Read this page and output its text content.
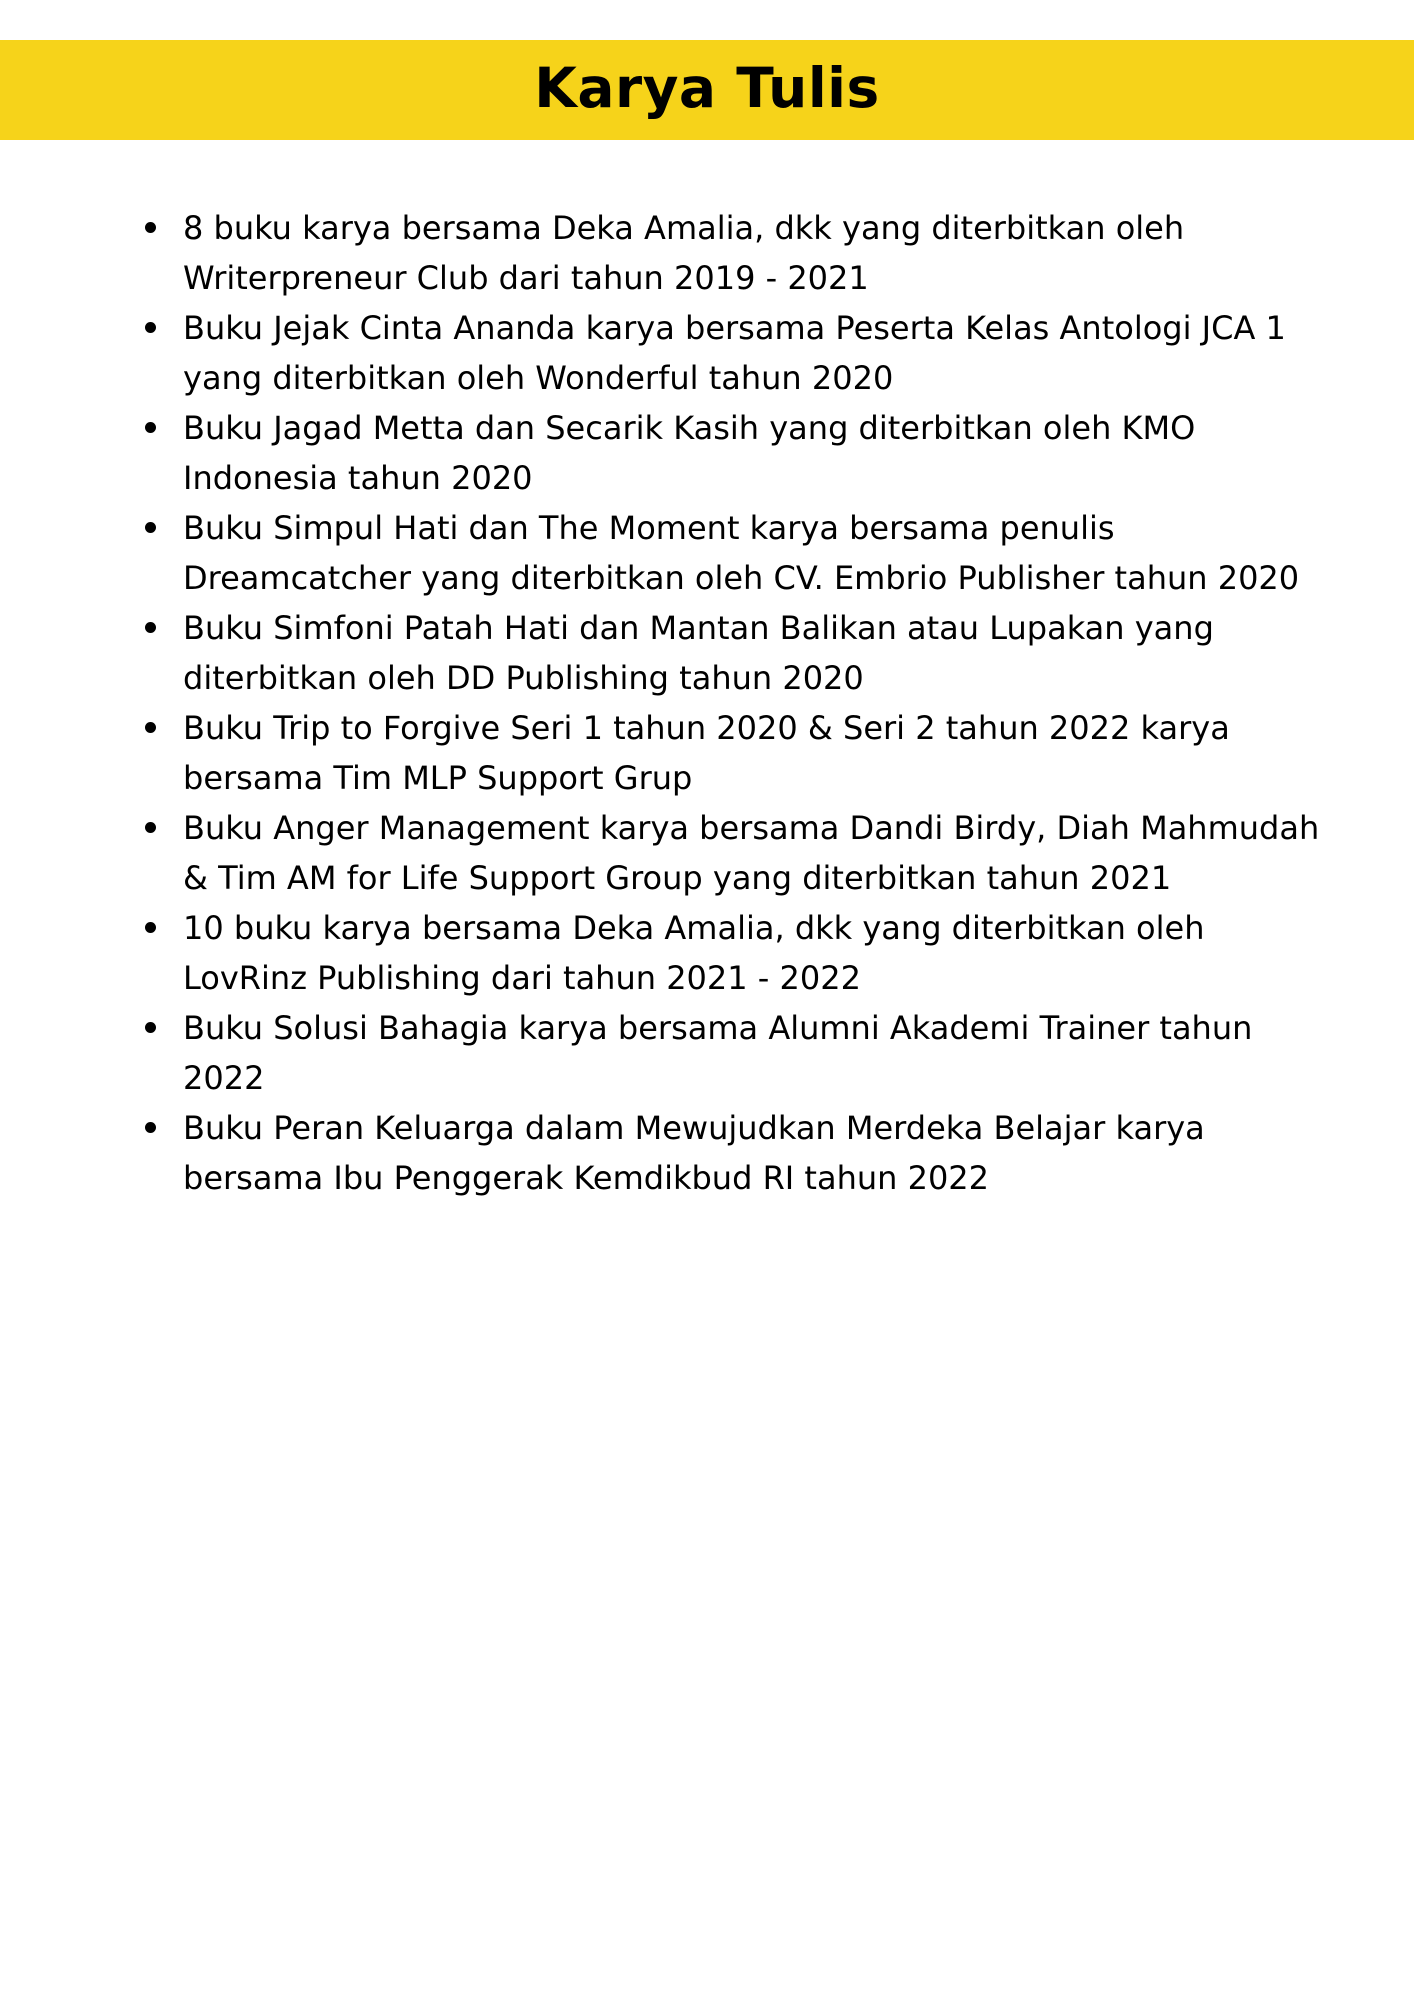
Karya Tulis
8 buku karya bersama Deka Amalia, dkk yang diterbitkan oleh
Writerpreneur Club dari tahun 2019 - 2021
Buku Jejak Cinta Ananda karya bersama Peserta Kelas Antologi JCA 1
yang diterbitkan oleh Wonderful tahun 2020
Buku Jagad Metta dan Secarik Kasih yang diterbitkan oleh KMO
Indonesia tahun 2020
Buku Simpul Hati dan The Moment karya bersama penulis
Dreamcatcher yang diterbitkan oleh CV. Embrio Publisher tahun 2020
Buku Simfoni Patah Hati dan Mantan Balikan atau Lupakan yang
diterbitkan oleh DD Publishing tahun 2020
Buku Trip to Forgive Seri 1 tahun 2020 & Seri 2 tahun 2022 karya
bersama Tim MLP Support Grup
Buku Anger Management karya bersama Dandi Birdy, Diah Mahmudah
& Tim AM for Life Support Group yang diterbitkan tahun 2021
10 buku karya bersama Deka Amalia, dkk yang diterbitkan oleh
LovRinz Publishing dari tahun 2021 - 2022
Buku Solusi Bahagia karya bersama Alumni Akademi Trainer tahun
2022
Buku Peran Keluarga dalam Mewujudkan Merdeka Belajar karya
bersama Ibu Penggerak Kemdikbud RI tahun 2022
